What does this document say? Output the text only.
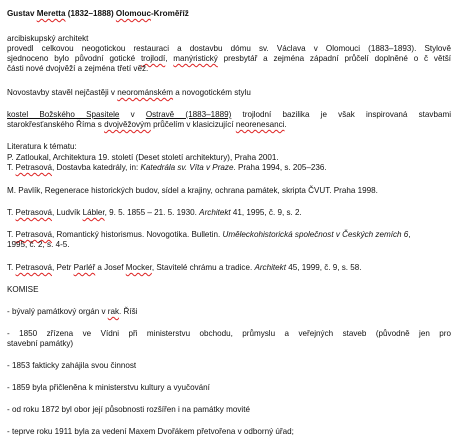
Gustav Meretta (1832–1888) Olomouc-Kroměříž
arcibiskupský architekt
provedl celkovou neogotickou restauraci a dostavbu dómu sv. Václava v Olomouci (1883–1893). Stylově
sjednoceno bylo původní gotické trojlodí, manýristický presbytář a zejména západní průčelí doplněné o č větší
části nové dvojvěží a zejména třetí věž.
Novostavby stavěl nejčastěji v neorománském a novogotickém stylu
kostel Božského Spasitele v Ostravě (1883–1889) trojlodní bazilika je však inspirovaná stavbami
starokřesťanského Říma s dvojvěžovým průčelím v klasicizující neorenesanci.
Literatura k tématu:
P. Zatloukal, Architektura 19. století (Deset století architektury), Praha 2001.
T. Petrasová, Dostavba katedrály, in: Katedrála sv. Víta v Praze. Praha 1994, s. 205–236.
M. Pavlík, Regenerace historických budov, sídel a krajiny, ochrana památek, skripta ČVUT. Praha 1998.
T. Petrasová, Ludvík Lábler, 9. 5. 1855 – 21. 5. 1930. Architekt 41, 1995, č. 9, s. 2.
T. Petrasová, Romantický historismus. Novogotika. Bulletin. Uměleckohistorická společnost v Českých zemích 6,
1995, č. 2, s. 4-5.
T. Petrasová, Petr Parléř a Josef Mocker, Stavitelé chrámu a tradice. Architekt 45, 1999, č. 9, s. 58.
KOMISE
- bývalý památkový orgán v rak. Říši
- 1850 zřízena ve Vídni při ministerstvu obchodu, průmyslu a veřejných staveb (původně jen pro
stavební památky)
- 1853 fakticky zahájila svou činnost
- 1859 byla přičleněna k ministerstvu kultury a vyučování
- od roku 1872 byl obor její působnosti rozšířen i na památky movité
- teprve roku 1911 byla za vedení Maxem Dvořákem přetvořena v odborný úřad;
